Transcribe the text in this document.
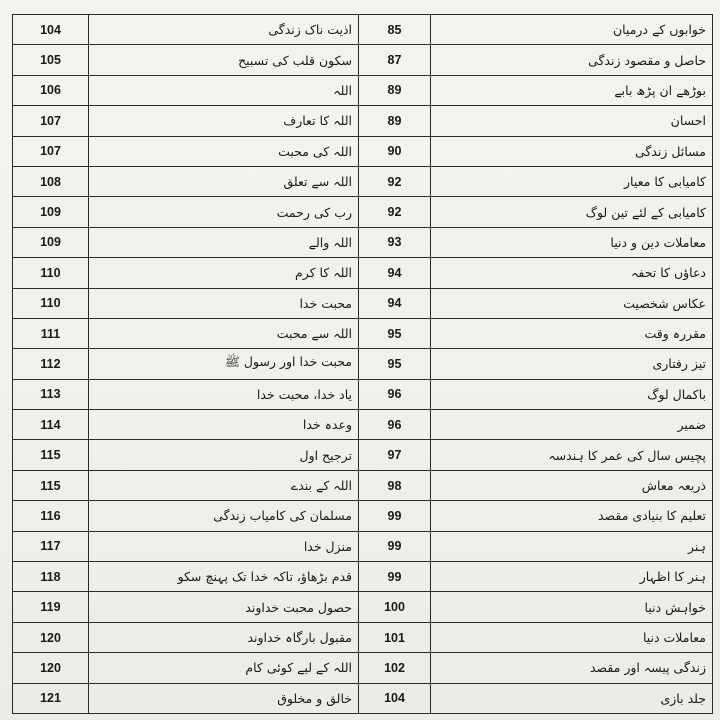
104	اذیت ناک زندگی	85	خوابوں کے درمیان
105	سکون قلب کی تسبیح	87	حاصل و مقصود زندگی
106	اللہ	89	بوڑھے ان پڑھ بابے
107	اللہ کا تعارف	89	احسان
107	اللہ کی محبت	90	مسائل زندگی
108	اللہ سے تعلق	92	کامیابی کا معیار
109	رب کی رحمت	92	کامیابی کے لئے تین لوگ
109	اللہ والے	93	معاملات دین و دنیا
110	اللہ کا کرم	94	دعاؤں کا تحفہ
110	محبت خدا	94	عکاس شخصیت
111	اللہ سے محبت	95	مقررہ وقت
112	محبت خدا اور رسول ﷺ	95	تیز رفتاری
113	یاد خدا، محبت خدا	96	باکمال لوگ
114	وعدہ خدا	96	ضمیر
115	ترجیح اول	97	پچیس سال کی عمر کا ہندسہ
115	اللہ کے بندے	98	ذریعہ معاش
116	مسلمان کی کامیاب زندگی	99	تعلیم کا بنیادی مقصد
117	منزل خدا	99	ہنر
118	قدم بڑھاؤ، تاکہ خدا تک پہنچ سکو	99	ہنر کا اظہار
119	حصول محبت خداوند	100	خواہش دنیا
120	مقبول بارگاہ خداوند	101	معاملات دنیا
120	اللہ کے لیے کوئی کام	102	زندگی پیسہ اور مقصد
121	خالق و مخلوق	104	جلد بازی
